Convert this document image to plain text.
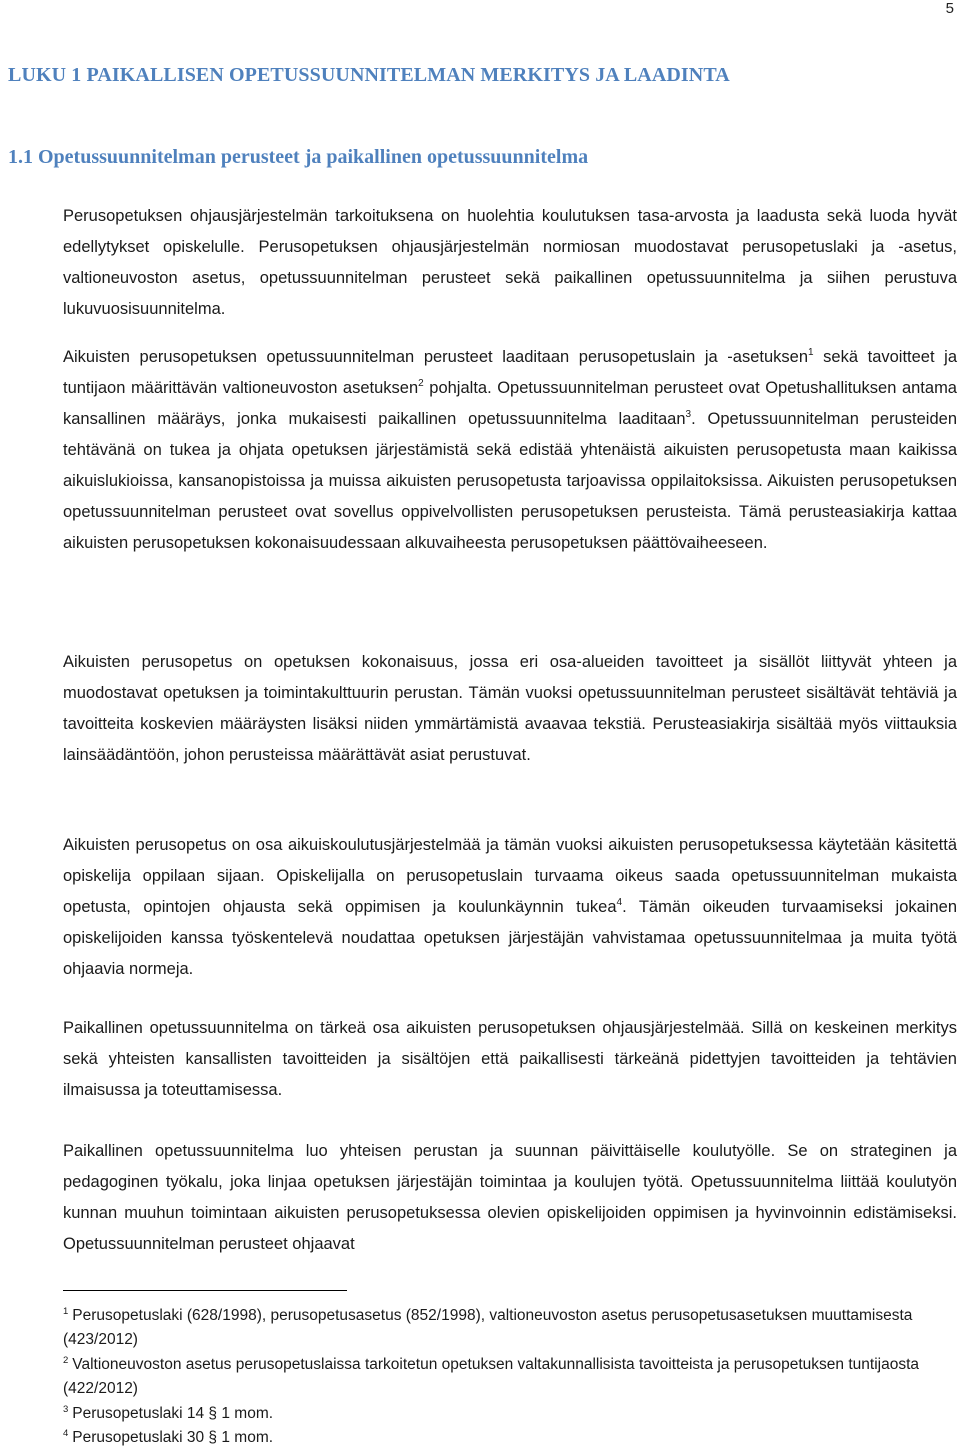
5
LUKU 1 PAIKALLISEN OPETUSSUUNNITELMAN MERKITYS JA LAADINTA
1.1 Opetussuunnitelman perusteet ja paikallinen opetussuunnitelma

Perusopetuksen ohjausjärjestelmän tarkoituksena on huolehtia koulutuksen tasa-arvosta ja laadusta sekä luoda hyvät edellytykset opiskelulle. Perusopetuksen ohjausjärjestelmän normiosan muodostavat perusopetuslaki ja -asetus, valtioneuvoston asetus, opetussuunnitelman perusteet sekä paikallinen opetussuunnitelma ja siihen perustuva lukuvuosisuunnitelma.

Aikuisten perusopetuksen opetussuunnitelman perusteet laaditaan perusopetuslain ja -asetuksen$^1$ sekä tavoitteet ja tuntijaon määrittävän valtioneuvoston asetuksen$^2$ pohjalta. Opetussuunnitelman perusteet ovat Opetushallituksen antama kansallinen määräys, jonka mukaisesti paikallinen opetussuunnitelma laaditaan$^3$. Opetussuunnitelman perusteiden tehtävänä on tukea ja ohjata opetuksen järjestämistä sekä edistää yhtenäistä aikuisten perusopetusta maan kaikissa aikuislukioissa, kansanopistoissa ja muissa aikuisten perusopetusta tarjoavissa oppilaitoksissa. Aikuisten perusopetuksen opetussuunnitelman perusteet ovat sovellus oppivelvollisten perusopetuksen perusteista. Tämä perusteasiakirja kattaa aikuisten perusopetuksen kokonaisuudessaan alkuvaiheesta perusopetuksen päättövaiheeseen.

Aikuisten perusopetus on opetuksen kokonaisuus, jossa eri osa-alueiden tavoitteet ja sisällöt liittyvät yhteen ja muodostavat opetuksen ja toimintakulttuurin perustan. Tämän vuoksi opetussuunnitelman perusteet sisältävät tehtäviä ja tavoitteita koskevien määräysten lisäksi niiden ymmärtämistä avaavaa tekstiä. Perusteasiakirja sisältää myös viittauksia lainsäädäntöön, johon perusteissa määrättävät asiat perustuvat.

Aikuisten perusopetus on osa aikuiskoulutusjärjestelmää ja tämän vuoksi aikuisten perusopetuksessa käytetään käsitettä opiskelija oppilaan sijaan. Opiskelijalla on perusopetuslain turvaama oikeus saada opetussuunnitelman mukaista opetusta, opintojen ohjausta sekä oppimisen ja koulunkäynnin tukea$^4$. Tämän oikeuden turvaamiseksi jokainen opiskelijoiden kanssa työskentelevä noudattaa opetuksen järjestäjän vahvistamaa opetussuunnitelmaa ja muita työtä ohjaavia normeja.

Paikallinen opetussuunnitelma on tärkeä osa aikuisten perusopetuksen ohjausjärjestelmää. Sillä on keskeinen merkitys sekä yhteisten kansallisten tavoitteiden ja sisältöjen että paikallisesti tärkeänä pidettyjen tavoitteiden ja tehtävien ilmaisussa ja toteuttamisessa.

Paikallinen opetussuunnitelma luo yhteisen perustan ja suunnan päivittäiselle koulutyölle. Se on strateginen ja pedagoginen työkalu, joka linjaa opetuksen järjestäjän toimintaa ja koulujen työtä. Opetussuunnitelma liittää koulutyön kunnan muuhun toimintaan aikuisten perusopetuksessa olevien opiskelijoiden oppimisen ja hyvinvoinnin edistämiseksi. Opetussuunnitelman perusteet ohjaavat

$^1$ Perusopetuslaki (628/1998), perusopetusasetus (852/1998), valtioneuvoston asetus perusopetusasetuksen muuttamisesta (423/2012)

$^2$ Valtioneuvoston asetus perusopetuslaissa tarkoitetun opetuksen valtakunnallisista tavoitteista ja perusopetuksen tuntijaosta (422/2012)

$^3$ Perusopetuslaki 14 § 1 mom.

$^4$ Perusopetuslaki 30 § 1 mom.
